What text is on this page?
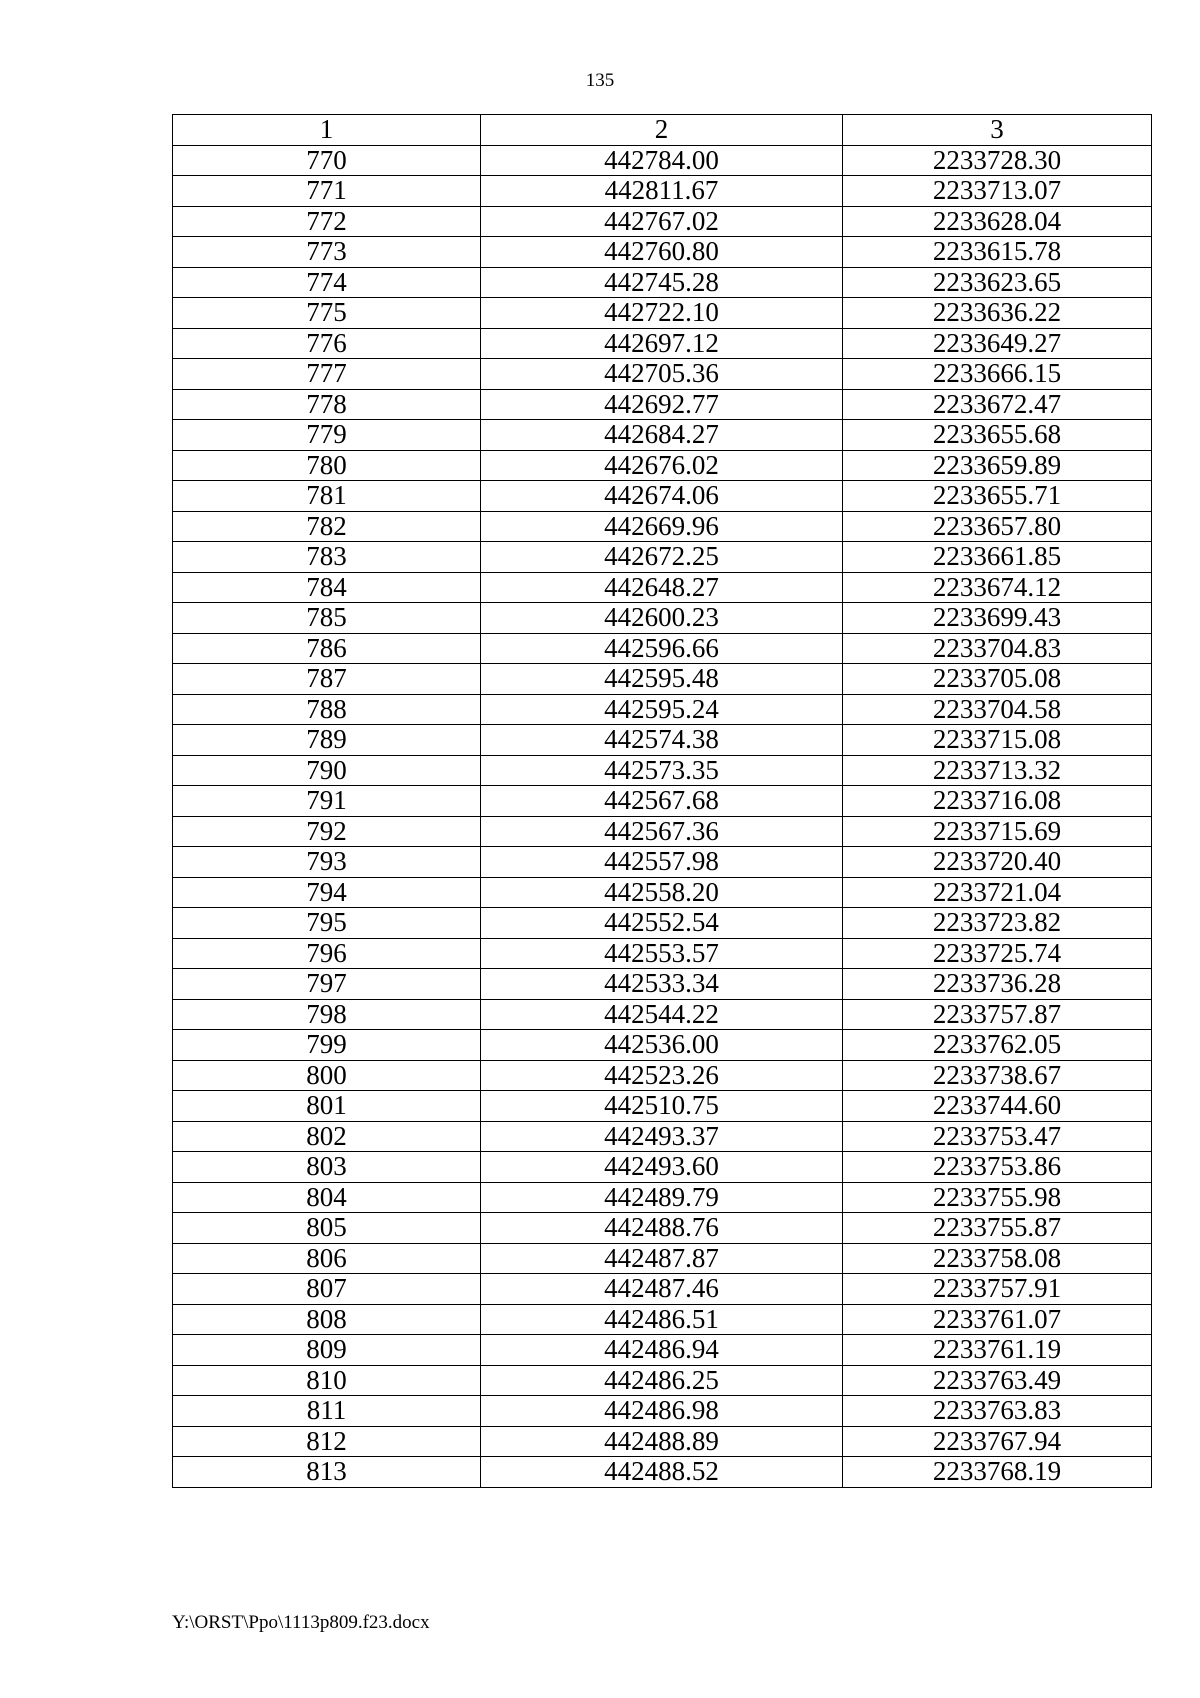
135
1	2	3
770	442784.00	2233728.30
771	442811.67	2233713.07
772	442767.02	2233628.04
773	442760.80	2233615.78
774	442745.28	2233623.65
775	442722.10	2233636.22
776	442697.12	2233649.27
777	442705.36	2233666.15
778	442692.77	2233672.47
779	442684.27	2233655.68
780	442676.02	2233659.89
781	442674.06	2233655.71
782	442669.96	2233657.80
783	442672.25	2233661.85
784	442648.27	2233674.12
785	442600.23	2233699.43
786	442596.66	2233704.83
787	442595.48	2233705.08
788	442595.24	2233704.58
789	442574.38	2233715.08
790	442573.35	2233713.32
791	442567.68	2233716.08
792	442567.36	2233715.69
793	442557.98	2233720.40
794	442558.20	2233721.04
795	442552.54	2233723.82
796	442553.57	2233725.74
797	442533.34	2233736.28
798	442544.22	2233757.87
799	442536.00	2233762.05
800	442523.26	2233738.67
801	442510.75	2233744.60
802	442493.37	2233753.47
803	442493.60	2233753.86
804	442489.79	2233755.98
805	442488.76	2233755.87
806	442487.87	2233758.08
807	442487.46	2233757.91
808	442486.51	2233761.07
809	442486.94	2233761.19
810	442486.25	2233763.49
811	442486.98	2233763.83
812	442488.89	2233767.94
813	442488.52	2233768.19
Y:\ORST\Ppo\1113p809.f23.docx
